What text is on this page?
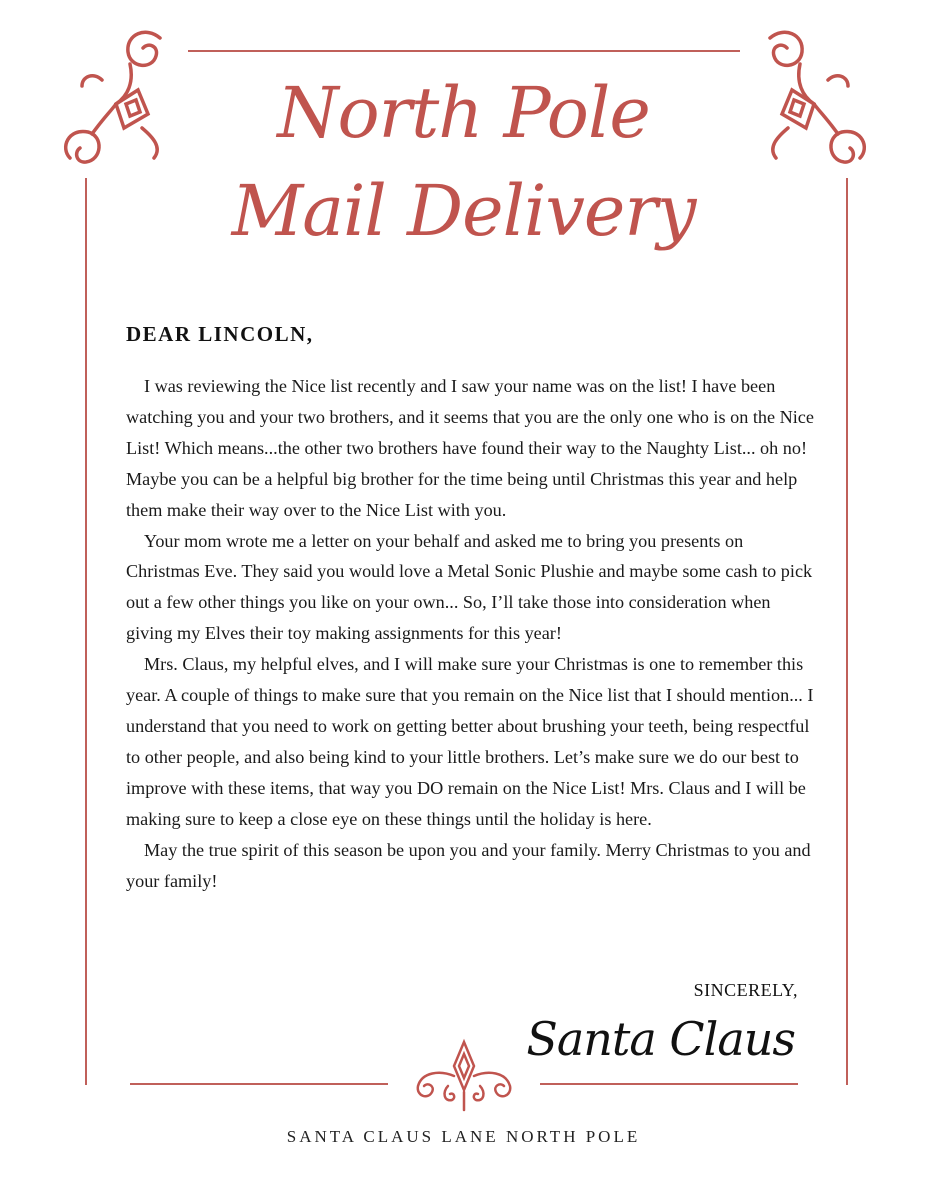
North Pole
Mail Delivery
DEAR LINCOLN,

I was reviewing the Nice list recently and I saw your name was on the list! I have been watching you and your two brothers, and it seems that you are the only one who is on the Nice List! Which means...the other two brothers have found their way to the Naughty List... oh no! Maybe you can be a helpful big brother for the time being until Christmas this year and help them make their way over to the Nice List with you.

Your mom wrote me a letter on your behalf and asked me to bring you presents on Christmas Eve. They said you would love a Metal Sonic Plushie and maybe some cash to pick out a few other things you like on your own... So, I’ll take those into consideration when giving my Elves their toy making assignments for this year!

Mrs. Claus, my helpful elves, and I will make sure your Christmas is one to remember this year. A couple of things to make sure that you remain on the Nice list that I should mention... I understand that you need to work on getting better about brushing your teeth, being respectful to other people, and also being kind to your little brothers. Let’s make sure we do our best to improve with these items, that way you DO remain on the Nice List! Mrs. Claus and I will be making sure to keep a close eye on these things until the holiday is here.

May the true spirit of this season be upon you and your family. Merry Christmas to you and your family!

SINCERELY,
Santa Claus
SANTA CLAUS LANE NORTH POLE
